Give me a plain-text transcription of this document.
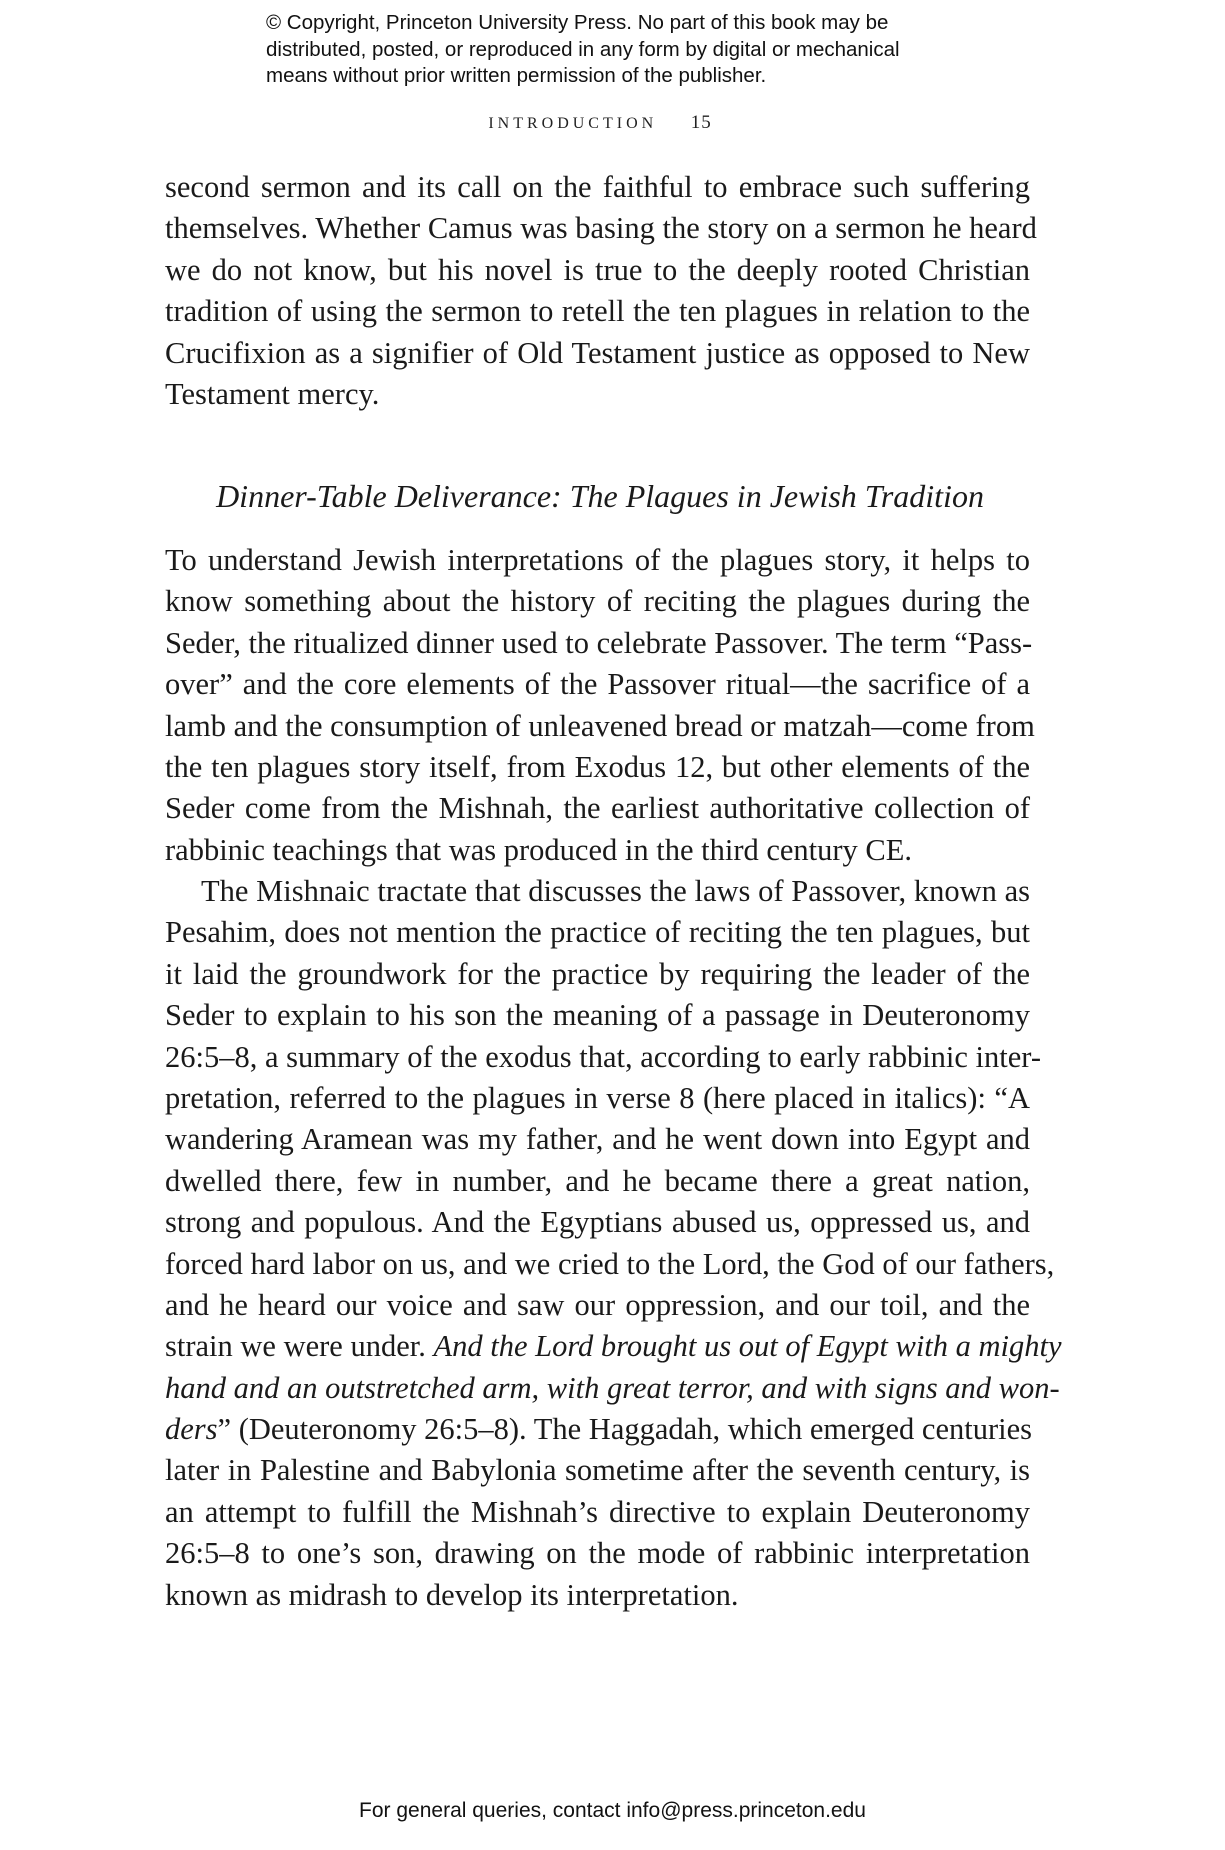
© Copyright, Princeton University Press. No part of this book may be
distributed, posted, or reproduced in any form by digital or mechanical
means without prior written permission of the publisher.
INTRODUCTION 15
second sermon and its call on the faithful to embrace such suffering
themselves. Whether Camus was basing the story on a sermon he heard
we do not know, but his novel is true to the deeply rooted Christian
tradition of using the sermon to retell the ten plagues in relation to the
Crucifixion as a signifier of Old Testament justice as opposed to New
Testament mercy.
Dinner-Table Deliverance: The Plagues in Jewish Tradition
To understand Jewish interpretations of the plagues story, it helps to
know something about the history of reciting the plagues during the
Seder, the ritualized dinner used to celebrate Passover. The term “Pass-
over” and the core elements of the Passover ritual—the sacrifice of a
lamb and the consumption of unleavened bread or matzah—come from
the ten plagues story itself, from Exodus 12, but other elements of the
Seder come from the Mishnah, the earliest authoritative collection of
rabbinic teachings that was produced in the third century CE.
The Mishnaic tractate that discusses the laws of Passover, known as
Pesahim, does not mention the practice of reciting the ten plagues, but
it laid the groundwork for the practice by requiring the leader of the
Seder to explain to his son the meaning of a passage in Deuteronomy
26:5–8, a summary of the exodus that, according to early rabbinic inter-
pretation, referred to the plagues in verse 8 (here placed in italics): “A
wandering Aramean was my father, and he went down into Egypt and
dwelled there, few in number, and he became there a great nation,
strong and populous. And the Egyptians abused us, oppressed us, and
forced hard labor on us, and we cried to the Lord, the God of our fathers,
and he heard our voice and saw our oppression, and our toil, and the
strain we were under. And the Lord brought us out of Egypt with a mighty
hand and an outstretched arm, with great terror, and with signs and won-
ders” (Deuteronomy 26:5–8). The Haggadah, which emerged centuries
later in Palestine and Babylonia sometime after the seventh century, is
an attempt to fulfill the Mishnah’s directive to explain Deuteronomy
26:5–8 to one’s son, drawing on the mode of rabbinic interpretation
known as midrash to develop its interpretation.
For general queries, contact info@press.princeton.edu
